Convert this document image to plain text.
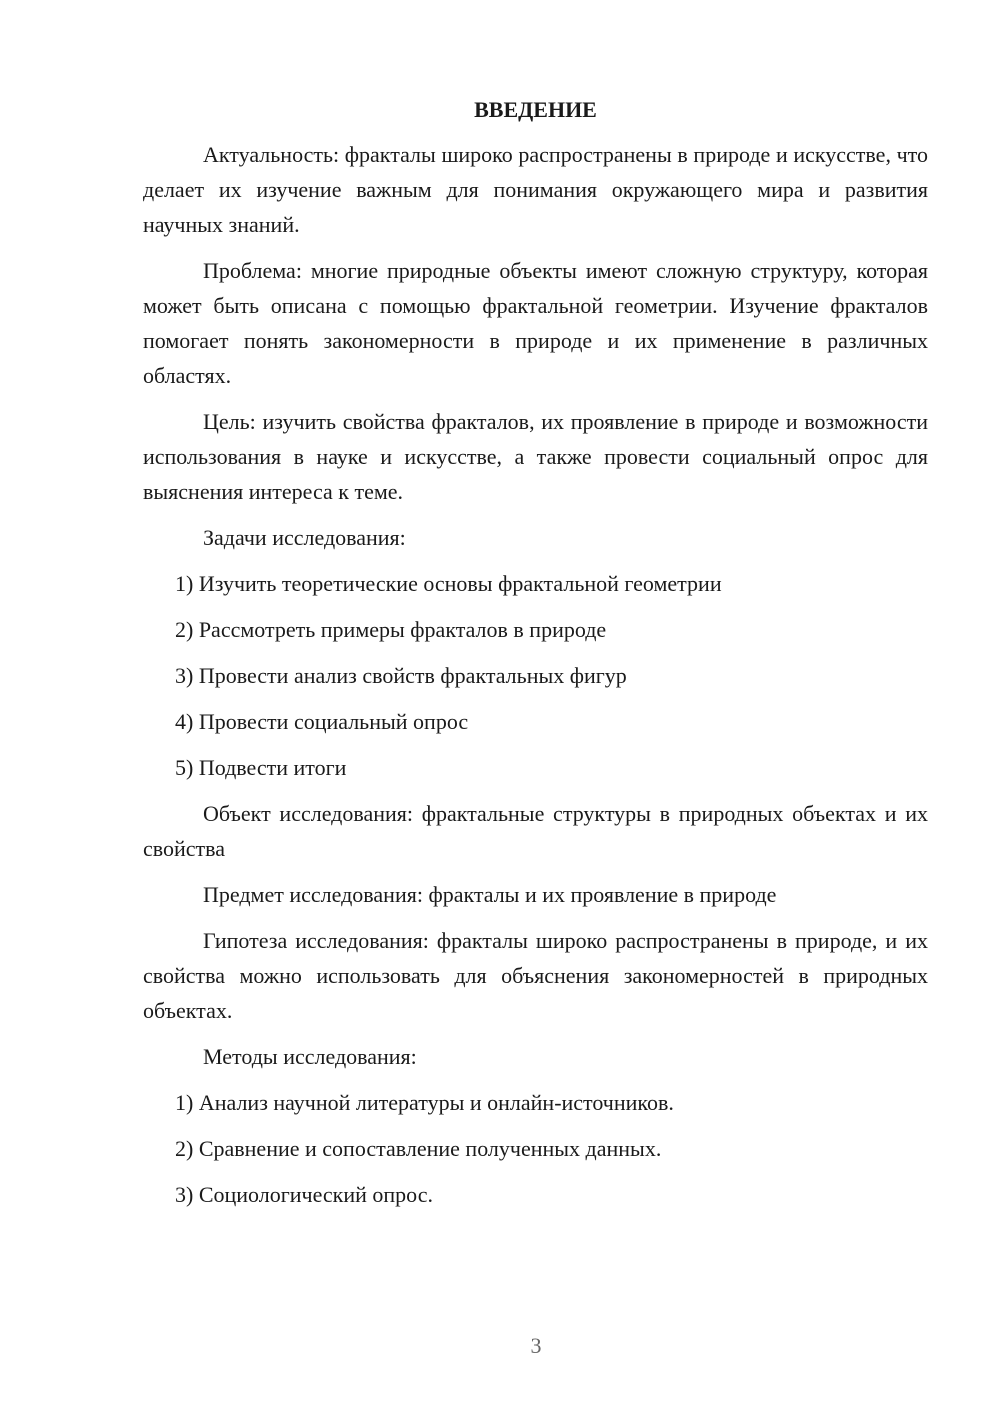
ВВЕДЕНИЕ

Актуальность: фракталы широко распространены в природе и искусстве, что делает их изучение важным для понимания окружающего мира и развития научных знаний.

Проблема: многие природные объекты имеют сложную структуру, которая может быть описана с помощью фрактальной геометрии. Изучение фракталов помогает понять закономерности в природе и их применение в различных областях.

Цель: изучить свойства фракталов, их проявление в природе и возможности использования в науке и искусстве, а также провести социальный опрос для выяснения интереса к теме.

Задачи исследования:

1) Изучить теоретические основы фрактальной геометрии
2) Рассмотреть примеры фракталов в природе
3) Провести анализ свойств фрактальных фигур
4) Провести социальный опрос
5) Подвести итоги

Объект исследования: фрактальные структуры в природных объектах и их свойства

Предмет исследования: фракталы и их проявление в природе

Гипотеза исследования: фракталы широко распространены в природе, и их свойства можно использовать для объяснения закономерностей в природных объектах.

Методы исследования:

1) Анализ научной литературы и онлайн-источников.
2) Сравнение и сопоставление полученных данных.
3) Социологический опрос.
3
